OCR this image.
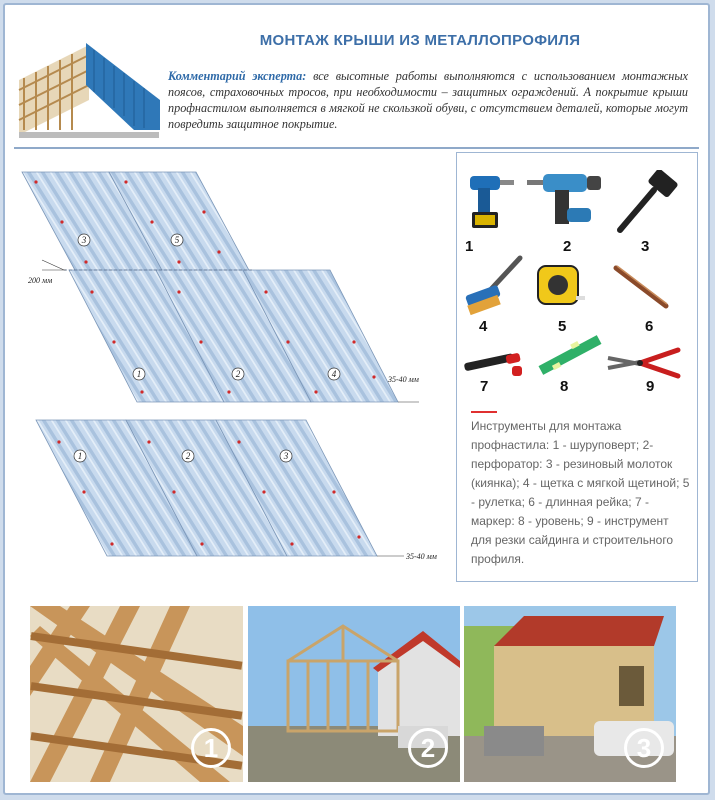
МОНТАЖ КРЫШИ ИЗ МЕТАЛЛОПРОФИЛЯ
Комментарий эксперта: все высотные работы выполняются с использованием монтажных поясов, страховочных тросов, при необходимости – защитных ограждений. А покрытие крыши профнастилом выполняется в мягкой не скользкой обуви, с отсутствием деталей, которые могут повредить защитное покрытие.
3	5
1	2	4
1	2	3
200 мм
35-40 мм
35-40 мм
1	2	3
4	5	6
7	8	9
Инструменты для монтажа профнастила: 1 - шуруповерт; 2- перфоратор: 3 - резиновый молоток (киянка); 4 - щетка с мягкой щетиной; 5 - рулетка; 6 - длинная рейка; 7 - маркер: 8 - уровень; 9 - инструмент для резки сайдинга и строительного профиля.
1	2	3
